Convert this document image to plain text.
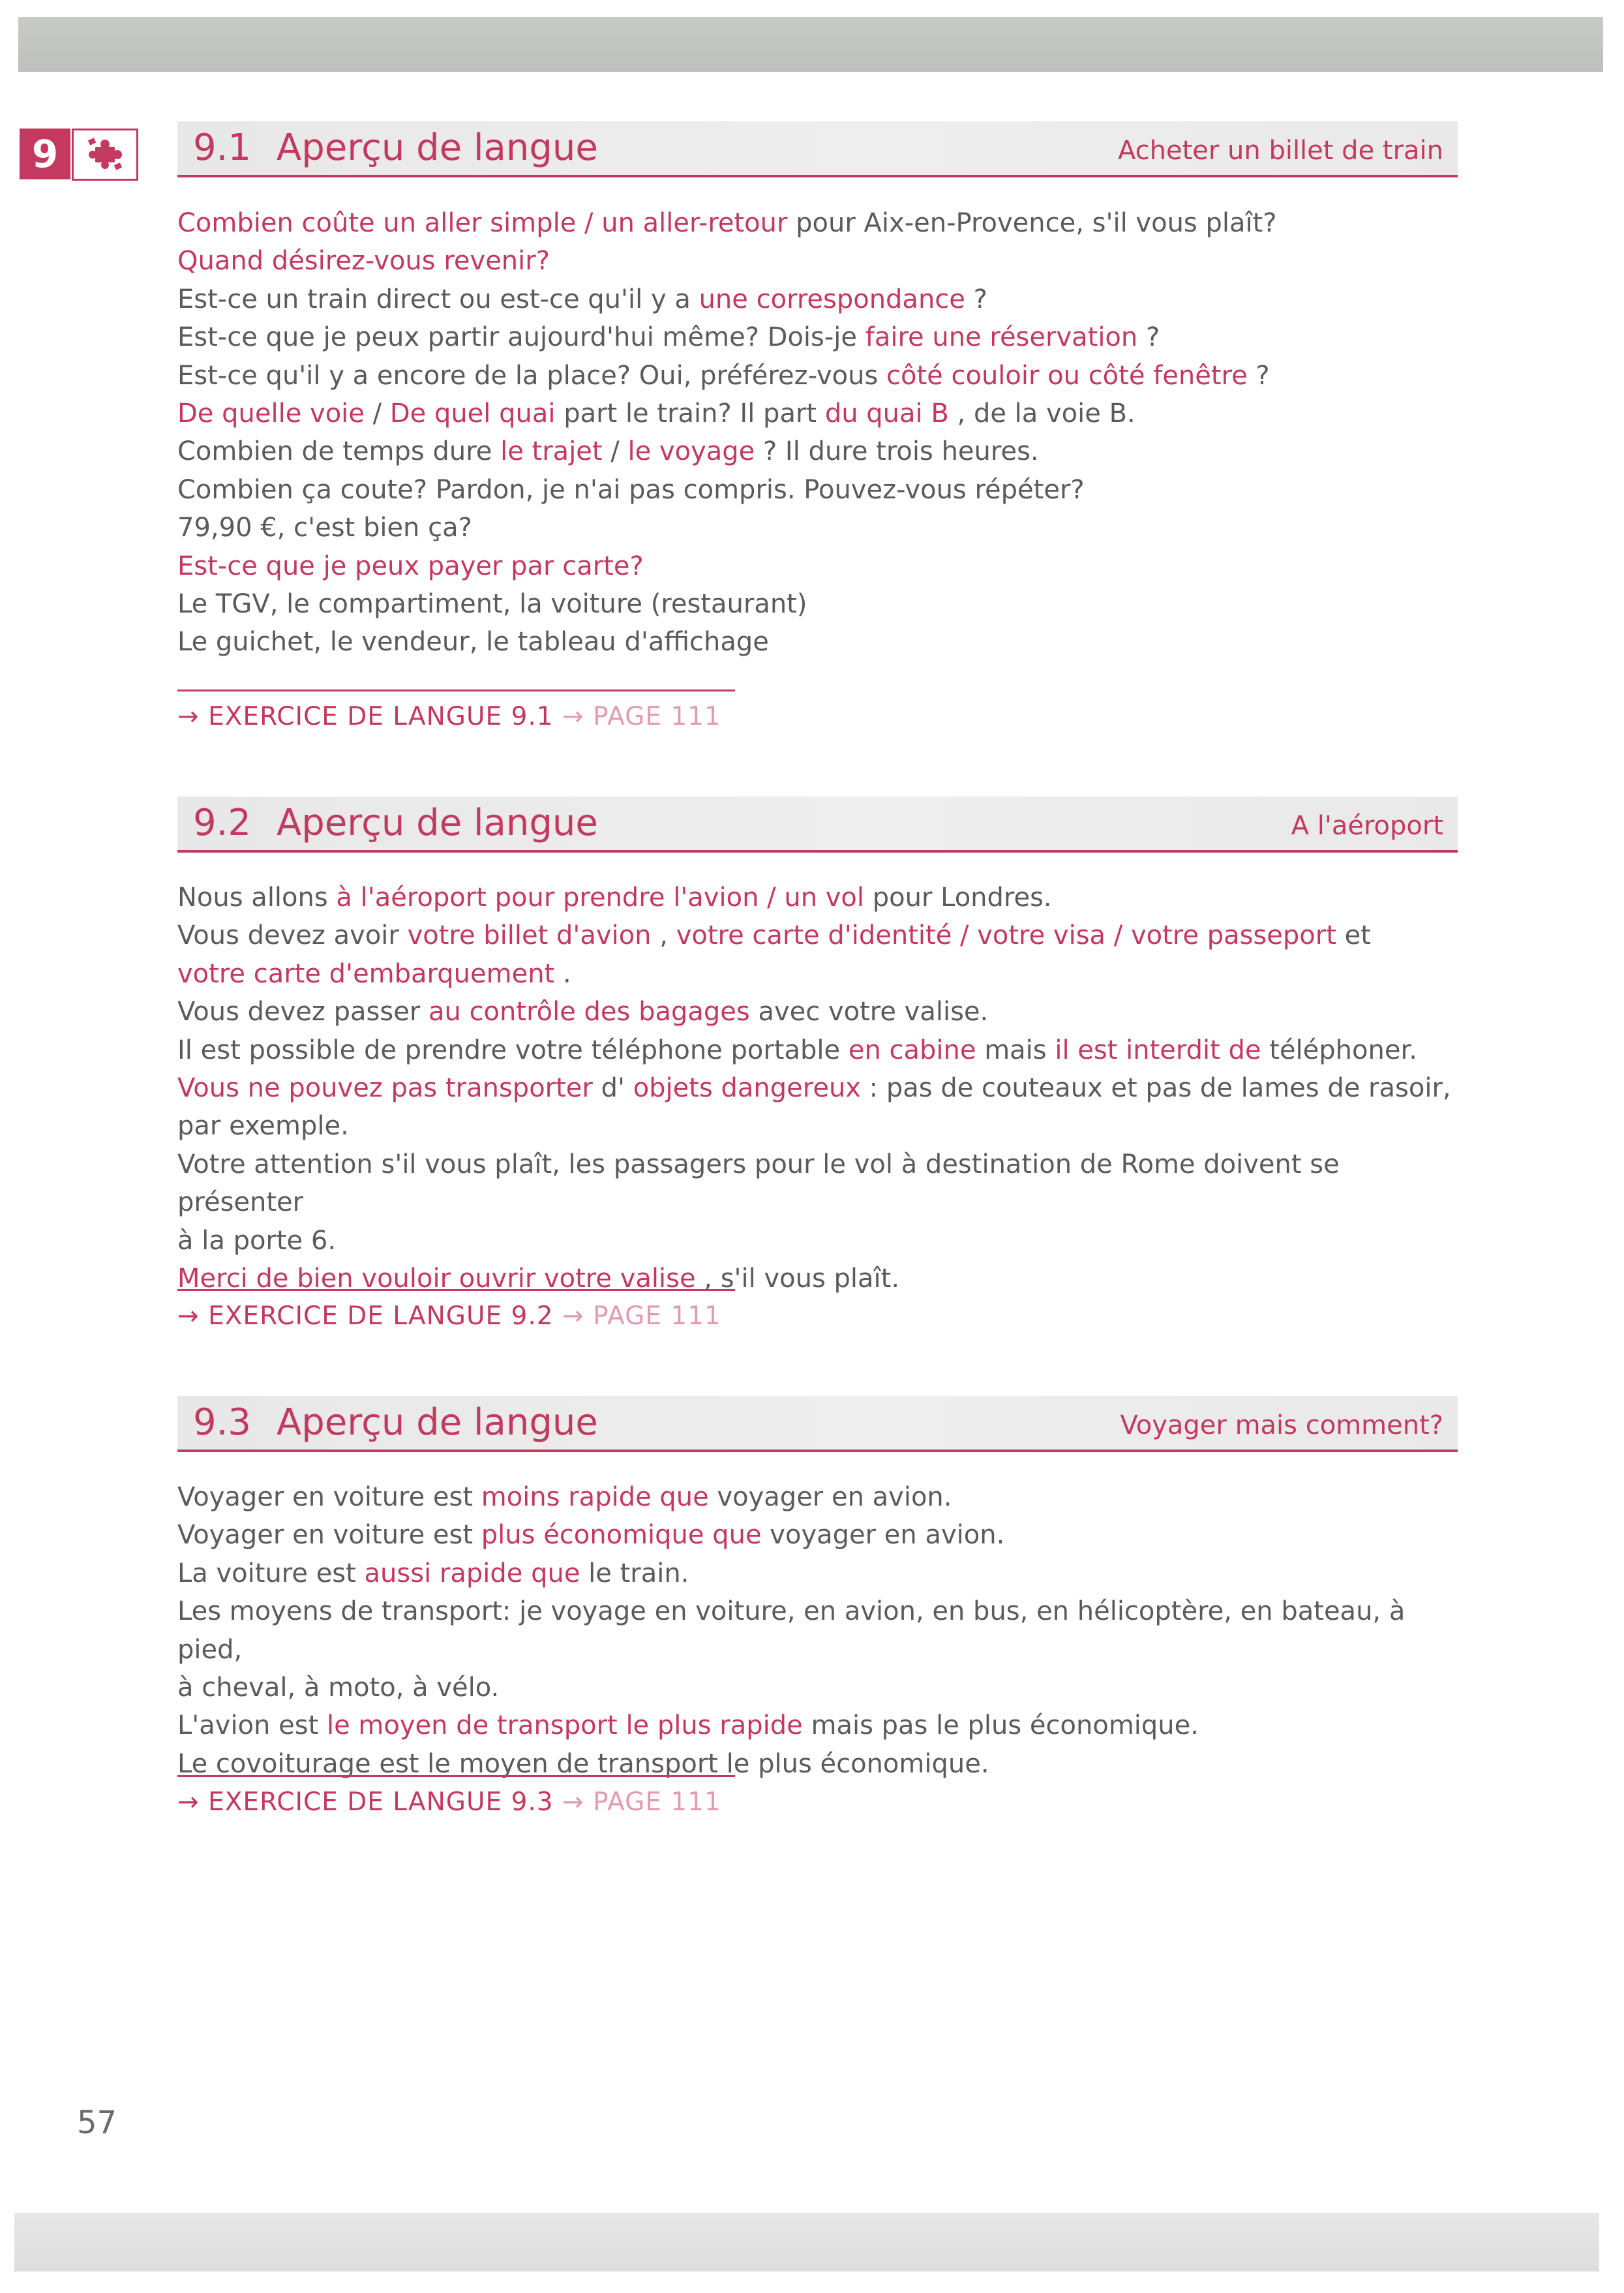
9	9.1 Aperçu de langue	Acheter un billet de train

Combien coûte un aller simple / un aller-retour pour Aix-en-Provence, s'il vous plaît?

Quand désirez-vous revenir?

Est-ce un train direct ou est-ce qu'il y a une correspondance ?

Est-ce que je peux partir aujourd'hui même? Dois-je faire une réservation ?

Est-ce qu'il y a encore de la place? Oui, préférez-vous côté couloir ou côté fenêtre ?

De quelle voie / De quel quai part le train? Il part du quai B , de la voie B.

Combien de temps dure le trajet / le voyage ? Il dure trois heures.

Combien ça coute? Pardon, je n'ai pas compris. Pouvez-vous répéter?

79,90 €, c'est bien ça?

Est-ce que je peux payer par carte?

Le TGV, le compartiment, la voiture (restaurant)

Le guichet, le vendeur, le tableau d'affichage

→ EXERCICE DE LANGUE 9.1 → PAGE 111
9.2 Aperçu de langue	A l'aéroport

Nous allons à l'aéroport pour prendre l'avion / un vol pour Londres.

Vous devez avoir votre billet d'avion , votre carte d'identité / votre visa / votre passeport et

votre carte d'embarquement .

Vous devez passer au contrôle des bagages avec votre valise.

Il est possible de prendre votre téléphone portable en cabine mais il est interdit de téléphoner.

Vous ne pouvez pas transporter d' objets dangereux : pas de couteaux et pas de lames de rasoir,

par exemple.

Votre attention s'il vous plaît, les passagers pour le vol à destination de Rome doivent se présenter

à la porte 6.

Merci de bien vouloir ouvrir votre valise , s'il vous plaît.

→ EXERCICE DE LANGUE 9.2 → PAGE 111
9.3 Aperçu de langue	Voyager mais comment?

Voyager en voiture est moins rapide que voyager en avion.

Voyager en voiture est plus économique que voyager en avion.

La voiture est aussi rapide que le train.

Les moyens de transport: je voyage en voiture, en avion, en bus, en hélicoptère, en bateau, à pied,

à cheval, à moto, à vélo.

L'avion est le moyen de transport le plus rapide mais pas le plus économique.

Le covoiturage est le moyen de transport le plus économique.

→ EXERCICE DE LANGUE 9.3 → PAGE 111
57
